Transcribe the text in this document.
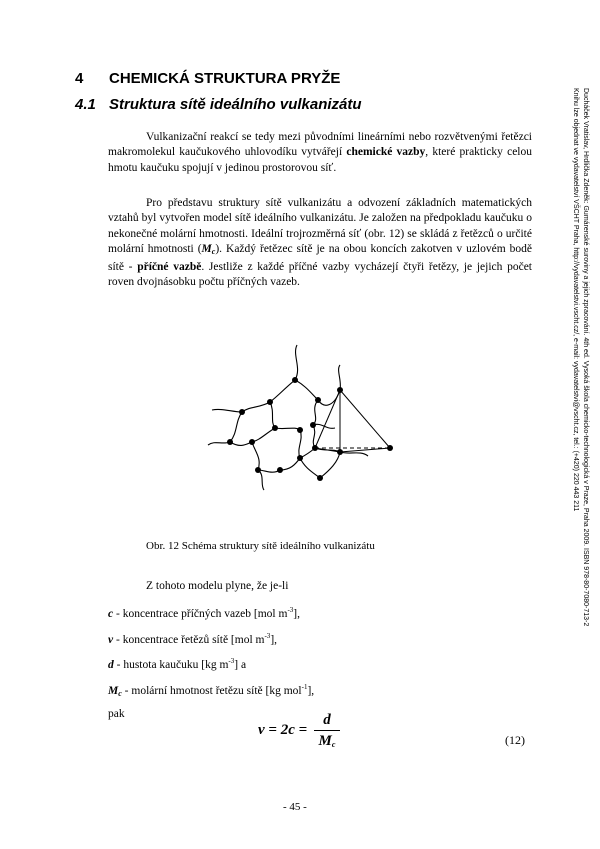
4 CHEMICKÁ STRUKTURA PRYŽE
4.1 Struktura sítě ideálního vulkanizátu

Vulkanizační reakcí se tedy mezi původními lineárními nebo rozvětvenými řetězci makromolekul kaučukového uhlovodíku vytvářejí chemické vazby, které prakticky celou hmotu kaučuku spojují v jedinou prostorovou síť.

Pro představu struktury sítě vulkanizátu a odvození základních matematických vztahů byl vytvořen model sítě ideálního vulkanizátu. Je založen na předpokladu kaučuku o nekonečné molární hmotnosti. Ideální trojrozměrná síť (obr. 12) se skládá z řetězců o určité molární hmotnosti $(M_c)$. Každý řetězec sítě je na obou koncích zakotven v uzlovém bodě sítě - příčné vazbě. Jestliže z každé příčné vazby vycházejí čtyři řetězy, je jejich počet roven dvojnásobku počtu příčných vazeb.

Obr. 12 Schéma struktury sítě ideálního vulkanizátu
Z tohoto modelu plyne, že je-li
c - koncentrace příčných vazeb [mol $m^{-3}$],
ν - koncentrace řetězů sítě [mol $m^{-3}$],
d - hustota kaučuku [kg $m^{-3}$] a
$M_c$ - molární hmotnost řetězu sítě [kg mol$^{-1}$],
pak
ν = 2c =
d
$M_c$	(12)
- 45 -
Ducháček Vratislav, Hrdlička Zdeněk: Gumárenské suroviny a jejich zpracování. 4th ed. Vysoká škola chemicko-technologická v Praze, Praha 2009. ISBN 978-80-7080-713-2
Knihu lze objednat ve vydavatelství VŠCHT Praha, http://vydavatelstvi.vscht.cz/, e-mail: vydavatelstvi@vscht.cz, tel.: (+420) 220 443 211
